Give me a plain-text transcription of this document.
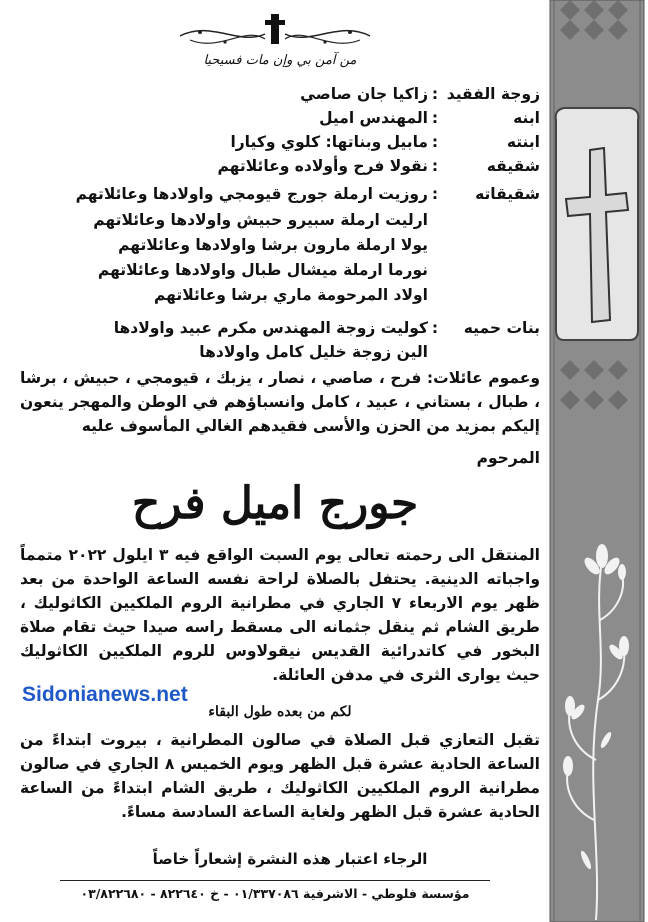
من آمن بي وإن مات فسيحيا
زوجة الفقيد:زاكيا جان صاصي
ابنه:المهندس اميل
ابنته:مابيل وبناتها: كلوي وكيارا
شقيقه:نقولا فرح وأولاده وعائلاتهم
شقيقاته:روزيت ارملة جورج قيومجي واولادها وعائلاتهم
ارليت ارملة سبيرو حبيش واولادها وعائلاتهم
يولا ارملة مارون برشا واولادها وعائلاتهم
نورما ارملة ميشال طبال واولادها وعائلاتهم
اولاد المرحومة ماري برشا وعائلاتهم
بنات حميه:كوليت زوجة المهندس مكرم عبيد واولادها
الين زوجة خليل كامل واولادها
وعموم عائلات: فرح ، صاصي ، نصار ، يزبك ، قيومجي ، حبيش ، برشا ، طبال ، بستاني ، عبيد ، كامل وانسباؤهم في الوطن والمهجر ينعون إليكم بمزيد من الحزن والأسى فقيدهم الغالي المأسوف عليه
المرحوم
جورج اميل فرح
المنتقل الى رحمته تعالى يوم السبت الواقع فيه ٣ ايلول ٢٠٢٢ متمماً واجباته الدينية. يحتفل بالصلاة لراحة نفسه الساعة الواحدة من بعد ظهر يوم الاربعاء ٧ الجاري في مطرانية الروم الملكيين الكاثوليك ، طريق الشام ثم ينقل جثمانه الى مسقط راسه صيدا حيث تقام صلاة البخور في كاتدرائية القديس نيقولاوس للروم الملكيين الكاثوليك حيث يوارى الثرى في مدفن العائلة.
لكم من بعده طول البقاء
تقبل التعازي قبل الصلاة في صالون المطرانية ، بيروت ابتداءً من الساعة الحادية عشرة قبل الظهر ويوم الخميس ٨ الجاري في صالون مطرانية الروم الملكيين الكاثوليك ، طريق الشام ابتداءً من الساعة الحادية عشرة قبل الظهر ولغاية الساعة السادسة مساءً.
الرجاء اعتبار هذه النشرة إشعاراً خاصاً
مؤسسة فلوطي - الاشرفية ٠١/٣٣٧٠٨٦ - خ ٨٢٢٦٤٠ - ٠٣/٨٢٢٦٨٠
Sidonianews.net
